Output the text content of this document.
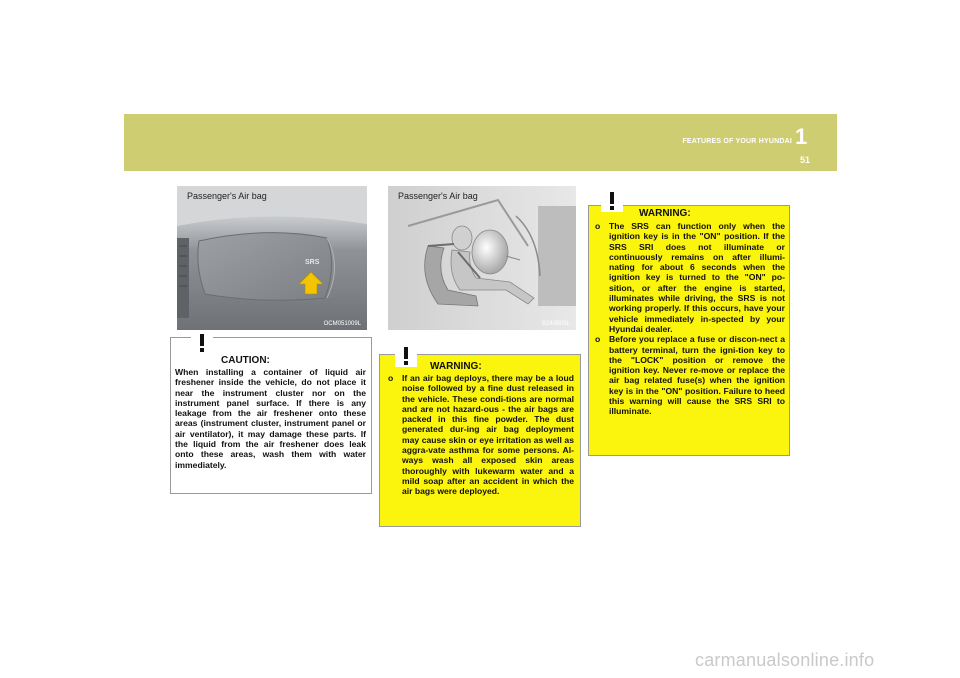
1
FEATURES OF YOUR HYUNDAI
51
Passenger's Air bag
SRS
OCM051009L
Passenger's Air bag
B240B05L
CAUTION:
When installing a container of liquid air freshener inside the vehicle, do not place it near the instrument cluster nor on the instrument panel surface. If there is any leakage from the air freshener onto these areas (instrument cluster, instrument panel or air ventilator), it may damage these parts. If the liquid from the air freshener does leak onto these areas, wash them with water immediately.
WARNING:
o If an air bag deploys, there may be a loud noise followed by a fine dust released in the vehicle. These condi-tions are normal and are not hazard-ous - the air bags are packed in this fine powder. The dust generated dur-ing air bag deployment may cause skin or eye irritation as well as aggra-vate asthma for some persons. Al-ways wash all exposed skin areas thoroughly with lukewarm water and a mild soap after an accident in which the air bags were deployed.
WARNING:
o The SRS can function only when the ignition key is in the "ON" position. If the SRS SRI does not illuminate or continuously remains on after illumi-nating for about 6 seconds when the ignition key is turned to the "ON" po-sition, or after the engine is started, illuminates while driving, the SRS is not working properly. If this occurs, have your vehicle immediately in-spected by your Hyundai dealer.
o Before you replace a fuse or discon-nect a battery terminal, turn the igni-tion key to the "LOCK" position or remove the ignition key. Never re-move or replace the air bag related fuse(s) when the ignition key is in the "ON" position. Failure to heed this warning will cause the SRS SRI to illuminate.
carmanualsonline.info
